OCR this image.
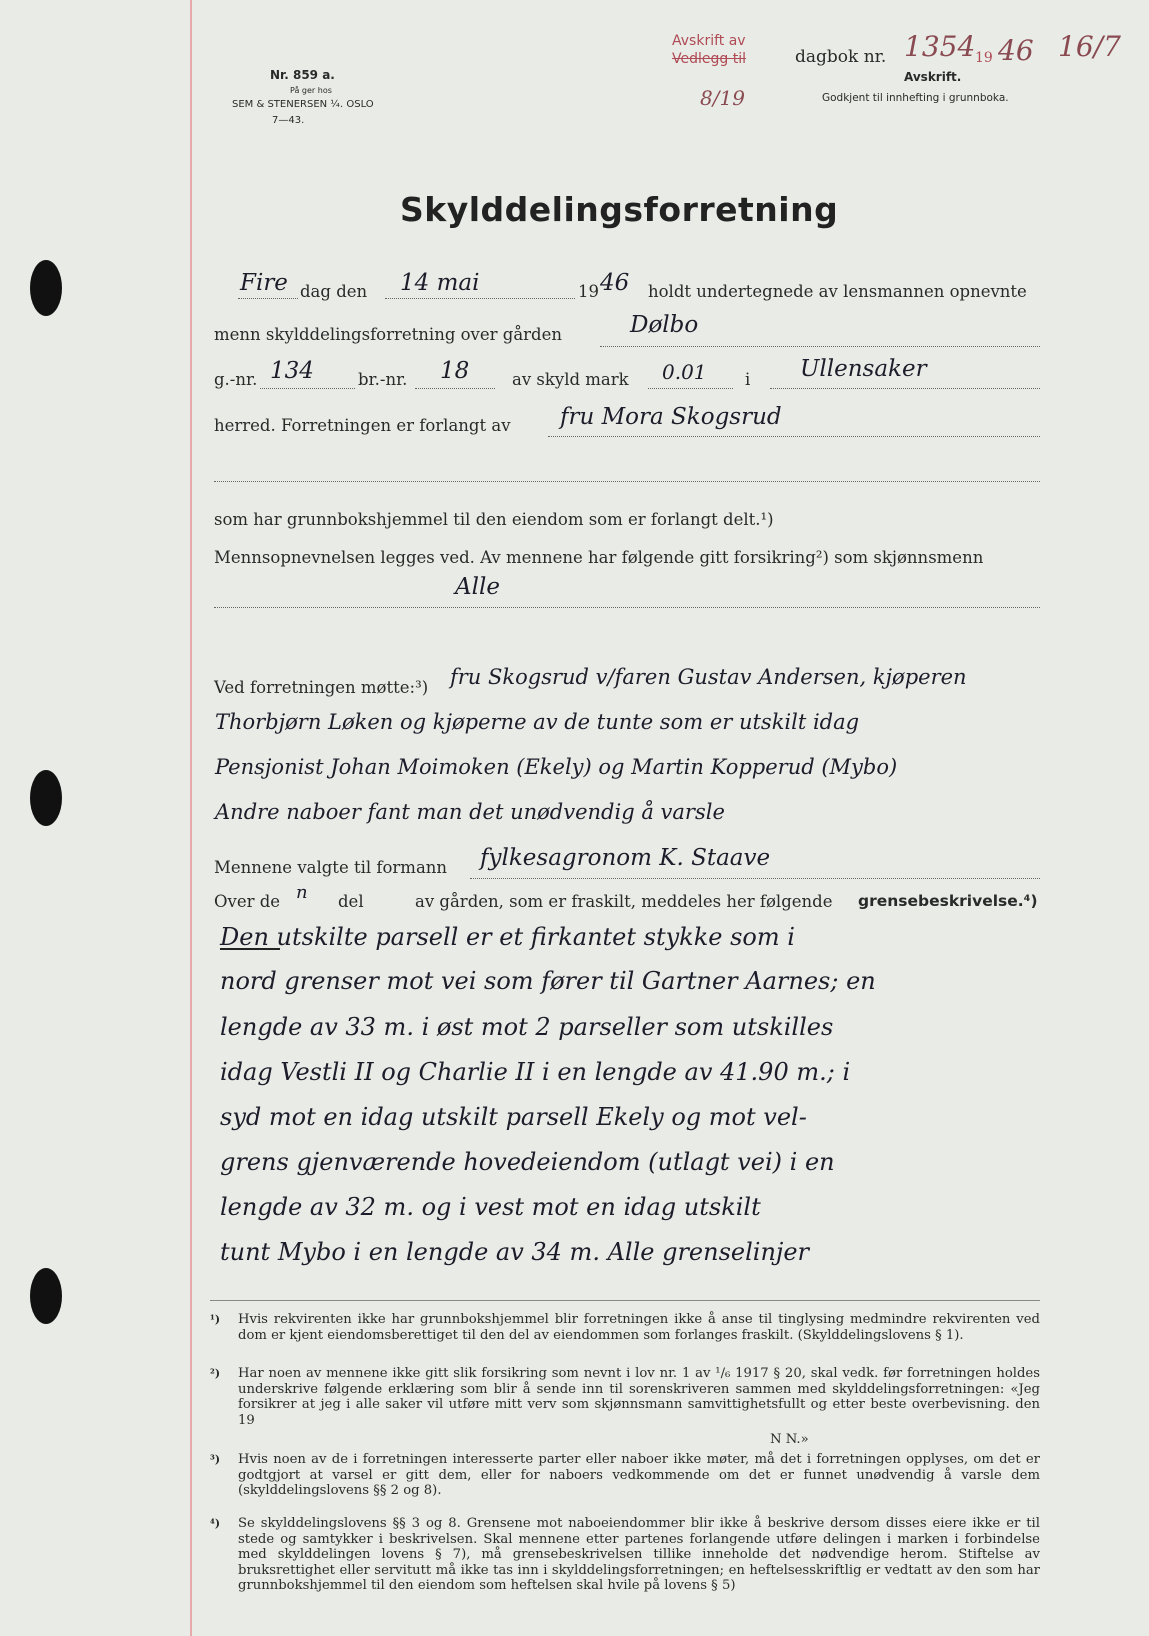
Nr. 859 a.
På ger hos
SEM & STENERSEN ¼. OSLO
7—43.
Avskrift av
Vedlegg til	dagbok nr. 1354 19 46 16/7
Avskrift.
Godkjent til innhefting i grunnboka.
8/19
Skylddelingsforretning
Fire dag den 14 mai	19 46 holdt undertegnede av lensmannen opnevnte
menn skylddelingsforretning over gården	Dølbo
g.-nr. 134	br.-nr. 18	av skyld mark 0.01 i Ullensaker
herred. Forretningen er forlangt av fru Mora Skogsrud
som har grunnbokshjemmel til den eiendom som er forlangt delt.¹)
Mennsopnevnelsen legges ved. Av mennene har følgende gitt forsikring²) som skjønnsmenn
Alle
Ved forretningen møtte:³) fru Skogsrud v/faren Gustav Andersen, kjøperen
Thorbjørn Løken og kjøperne av de tunte som er utskilt idag
Pensjonist Johan Moimoken (Ekely) og Martin Kopperud (Mybo)
Andre naboer fant man det unødvendig å varsle
Mennene valgte til formann fylkesagronom K. Staave
Over de n del	av gården, som er fraskilt, meddeles her følgende grensebeskrivelse.⁴)
Den utskilte parsell er et firkantet stykke som i
nord grenser mot vei som fører til Gartner Aarnes; en
lengde av 33 m. i øst mot 2 parseller som utskilles
idag Vestli II og Charlie II i en lengde av 41.90 m.; i
syd mot en idag utskilt parsell Ekely og mot vel-
grens gjenværende hovedeiendom (utlagt vei) i en
lengde av 32 m. og i vest mot en idag utskilt
tunt Mybo i en lengde av 34 m. Alle grenselinjer
¹) Hvis rekvirenten ikke har grunnbokshjemmel blir forretningen ikke å anse til tinglysing medmindre rekvirenten ved dom er kjent eiendomsberettiget til den del av eiendommen som forlanges fraskilt. (Skylddelingslovens § 1).
²) Har noen av mennene ikke gitt slik forsikring som nevnt i lov nr. 1 av ¹/₆ 1917 § 20, skal vedk. før forretningen holdes underskrive følgende erklæring som blir å sende inn til sorenskriveren sammen med skylddelingsforretningen: «Jeg forsikrer at jeg i alle saker vil utføre mitt verv som skjønnsmann samvittighetsfullt og etter beste overbevisning. den 19
N N.»
³) Hvis noen av de i forretningen interesserte parter eller naboer ikke møter, må det i forretningen opplyses, om det er godtgjort at varsel er gitt dem, eller for naboers vedkommende om det er funnet unødvendig å varsle dem (skylddelingslovens §§ 2 og 8).
⁴) Se skylddelingslovens §§ 3 og 8. Grensene mot naboeiendommer blir ikke å beskrive dersom disses eiere ikke er til stede og samtykker i beskrivelsen. Skal mennene etter partenes forlangende utføre delingen i marken i forbindelse med skylddelingen lovens § 7), må grensebeskrivelsen tillike inneholde det nødvendige herom. Stiftelse av bruksrettighet eller servitutt må ikke tas inn i skylddelingsforretningen; en heftelsesskriftlig er vedtatt av den som har grunnbokshjemmel til den eiendom som heftelsen skal hvile på lovens § 5)
